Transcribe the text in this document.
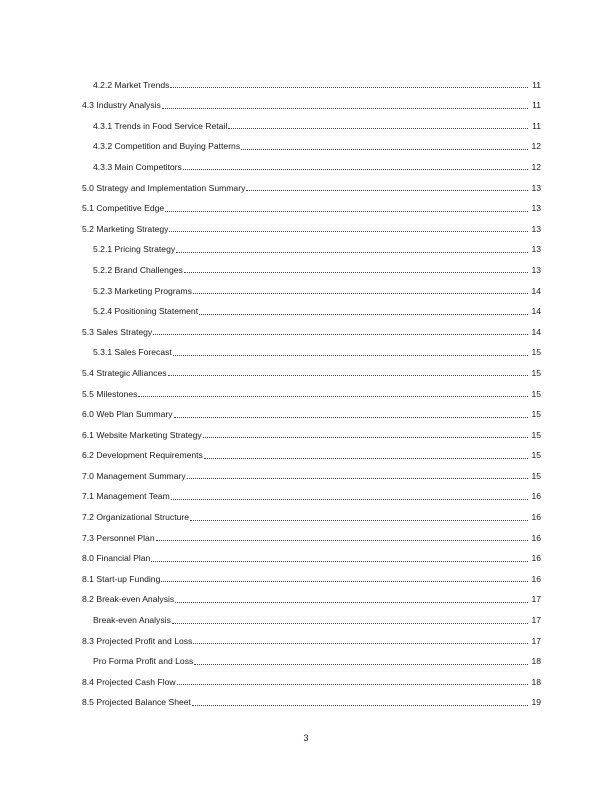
4.2.2 Market Trends	11
4.3 Industry Analysis	11
4.3.1 Trends in Food Service Retail	11
4.3.2 Competition and Buying Patterns	12
4.3.3 Main Competitors	12
5.0 Strategy and Implementation Summary	13
5.1 Competitive Edge	13
5.2 Marketing Strategy	13
5.2.1 Pricing Strategy	13
5.2.2 Brand Challenges	13
5.2.3 Marketing Programs	14
5.2.4 Positioning Statement	14
5.3 Sales Strategy	14
5.3.1 Sales Forecast	15
5.4 Strategic Alliances	15
5.5 Milestones	15
6.0 Web Plan Summary	15
6.1 Website Marketing Strategy	15
6.2 Development Requirements	15
7.0 Management Summary	15
7.1 Management Team	16
7.2 Organizational Structure	16
7.3 Personnel Plan	16
8.0 Financial Plan	16
8.1 Start-up Funding	16
8.2 Break-even Analysis	17
Break-even Analysis	17
8.3 Projected Profit and Loss	17
Pro Forma Profit and Loss	18
8.4 Projected Cash Flow	18
8.5 Projected Balance Sheet	19
3
